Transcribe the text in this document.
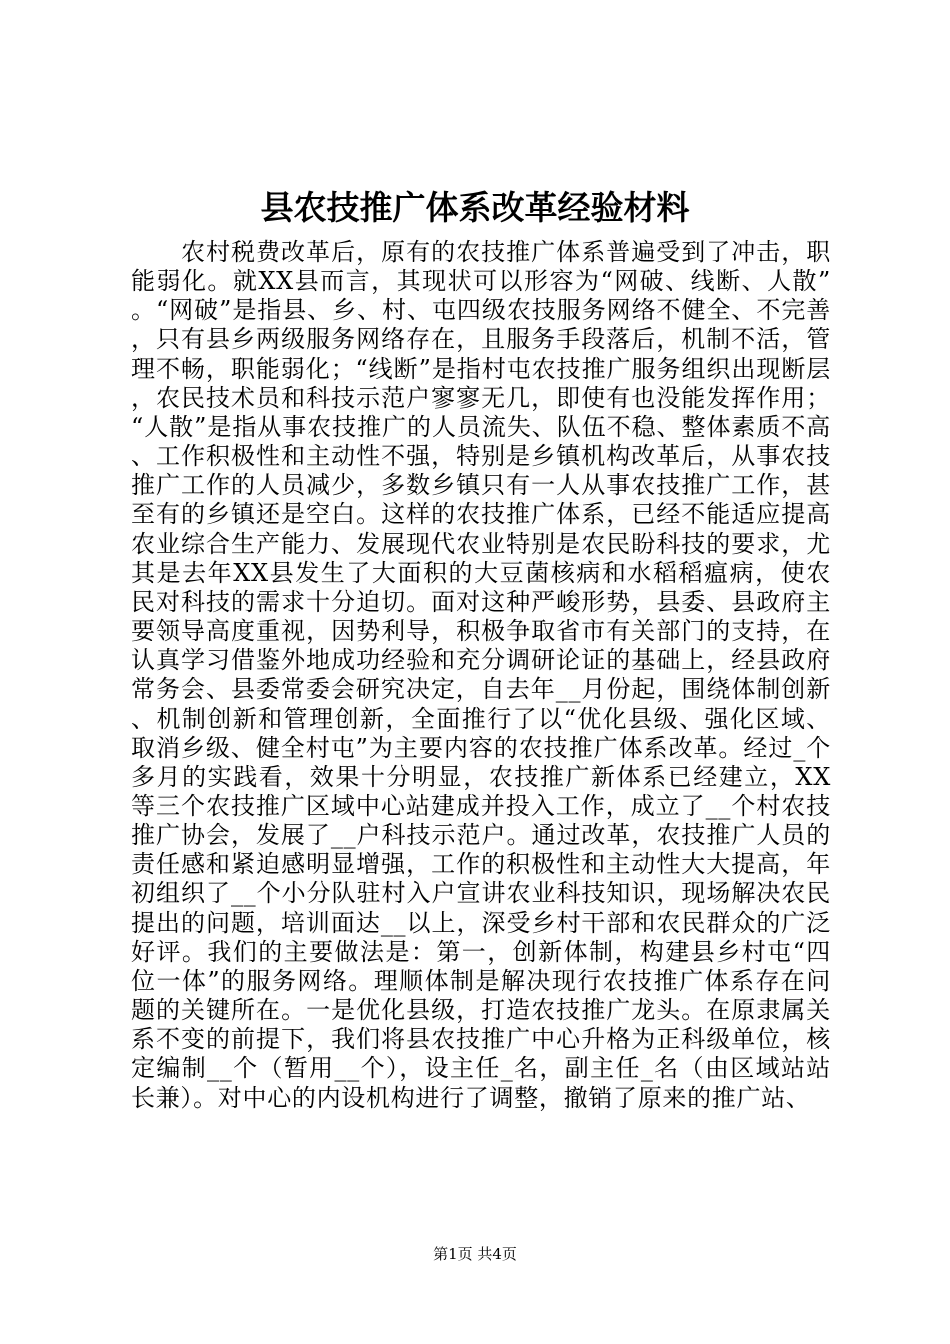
县农技推广体系改革经验材料

农村税费改革后，原有的农技推广体系普遍受到了冲击，职能弱化。就XX县而言，其现状可以形容为“网破、线断、人散”。“网破”是指县、乡、村、屯四级农技服务网络不健全、不完善，只有县乡两级服务网络存在，且服务手段落后，机制不活，管理不畅，职能弱化；“线断”是指村屯农技推广服务组织出现断层，农民技术员和科技示范户寥寥无几，即使有也没能发挥作用；“人散”是指从事农技推广的人员流失、队伍不稳、整体素质不高、工作积极性和主动性不强，特别是乡镇机构改革后，从事农技推广工作的人员减少，多数乡镇只有一人从事农技推广工作，甚至有的乡镇还是空白。这样的农技推广体系，已经不能适应提高农业综合生产能力、发展现代农业特别是农民盼科技的要求，尤其是去年XX县发生了大面积的大豆菌核病和水稻稻瘟病，使农民对科技的需求十分迫切。面对这种严峻形势，县委、县政府主要领导高度重视，因势利导，积极争取省市有关部门的支持，在认真学习借鉴外地成功经验和充分调研论证的基础上，经县政府常务会、县委常委会研究决定，自去年__月份起，围绕体制创新、机制创新和管理创新，全面推行了以“优化县级、强化区域、取消乡级、健全村屯”为主要内容的农技推广体系改革。经过_个多月的实践看，效果十分明显，农技推广新体系已经建立，XX等三个农技推广区域中心站建成并投入工作，成立了__个村农技推广协会，发展了__户科技示范户。通过改革，农技推广人员的责任感和紧迫感明显增强，工作的积极性和主动性大大提高，年初组织了__个小分队驻村入户宣讲农业科技知识，现场解决农民提出的问题，培训面达__以上，深受乡村干部和农民群众的广泛好评。我们的主要做法是：第一，创新体制，构建县乡村屯“四位一体”的服务网络。理顺体制是解决现行农技推广体系存在问题的关键所在。一是优化县级，打造农技推广龙头。在原隶属关系不变的前提下，我们将县农技推广中心升格为正科级单位，核定编制__个（暂用__个），设主任_名，副主任_名（由区域站站长兼）。对中心的内设机构进行了调整，撤销了原来的推广站、

第1页 共4页
